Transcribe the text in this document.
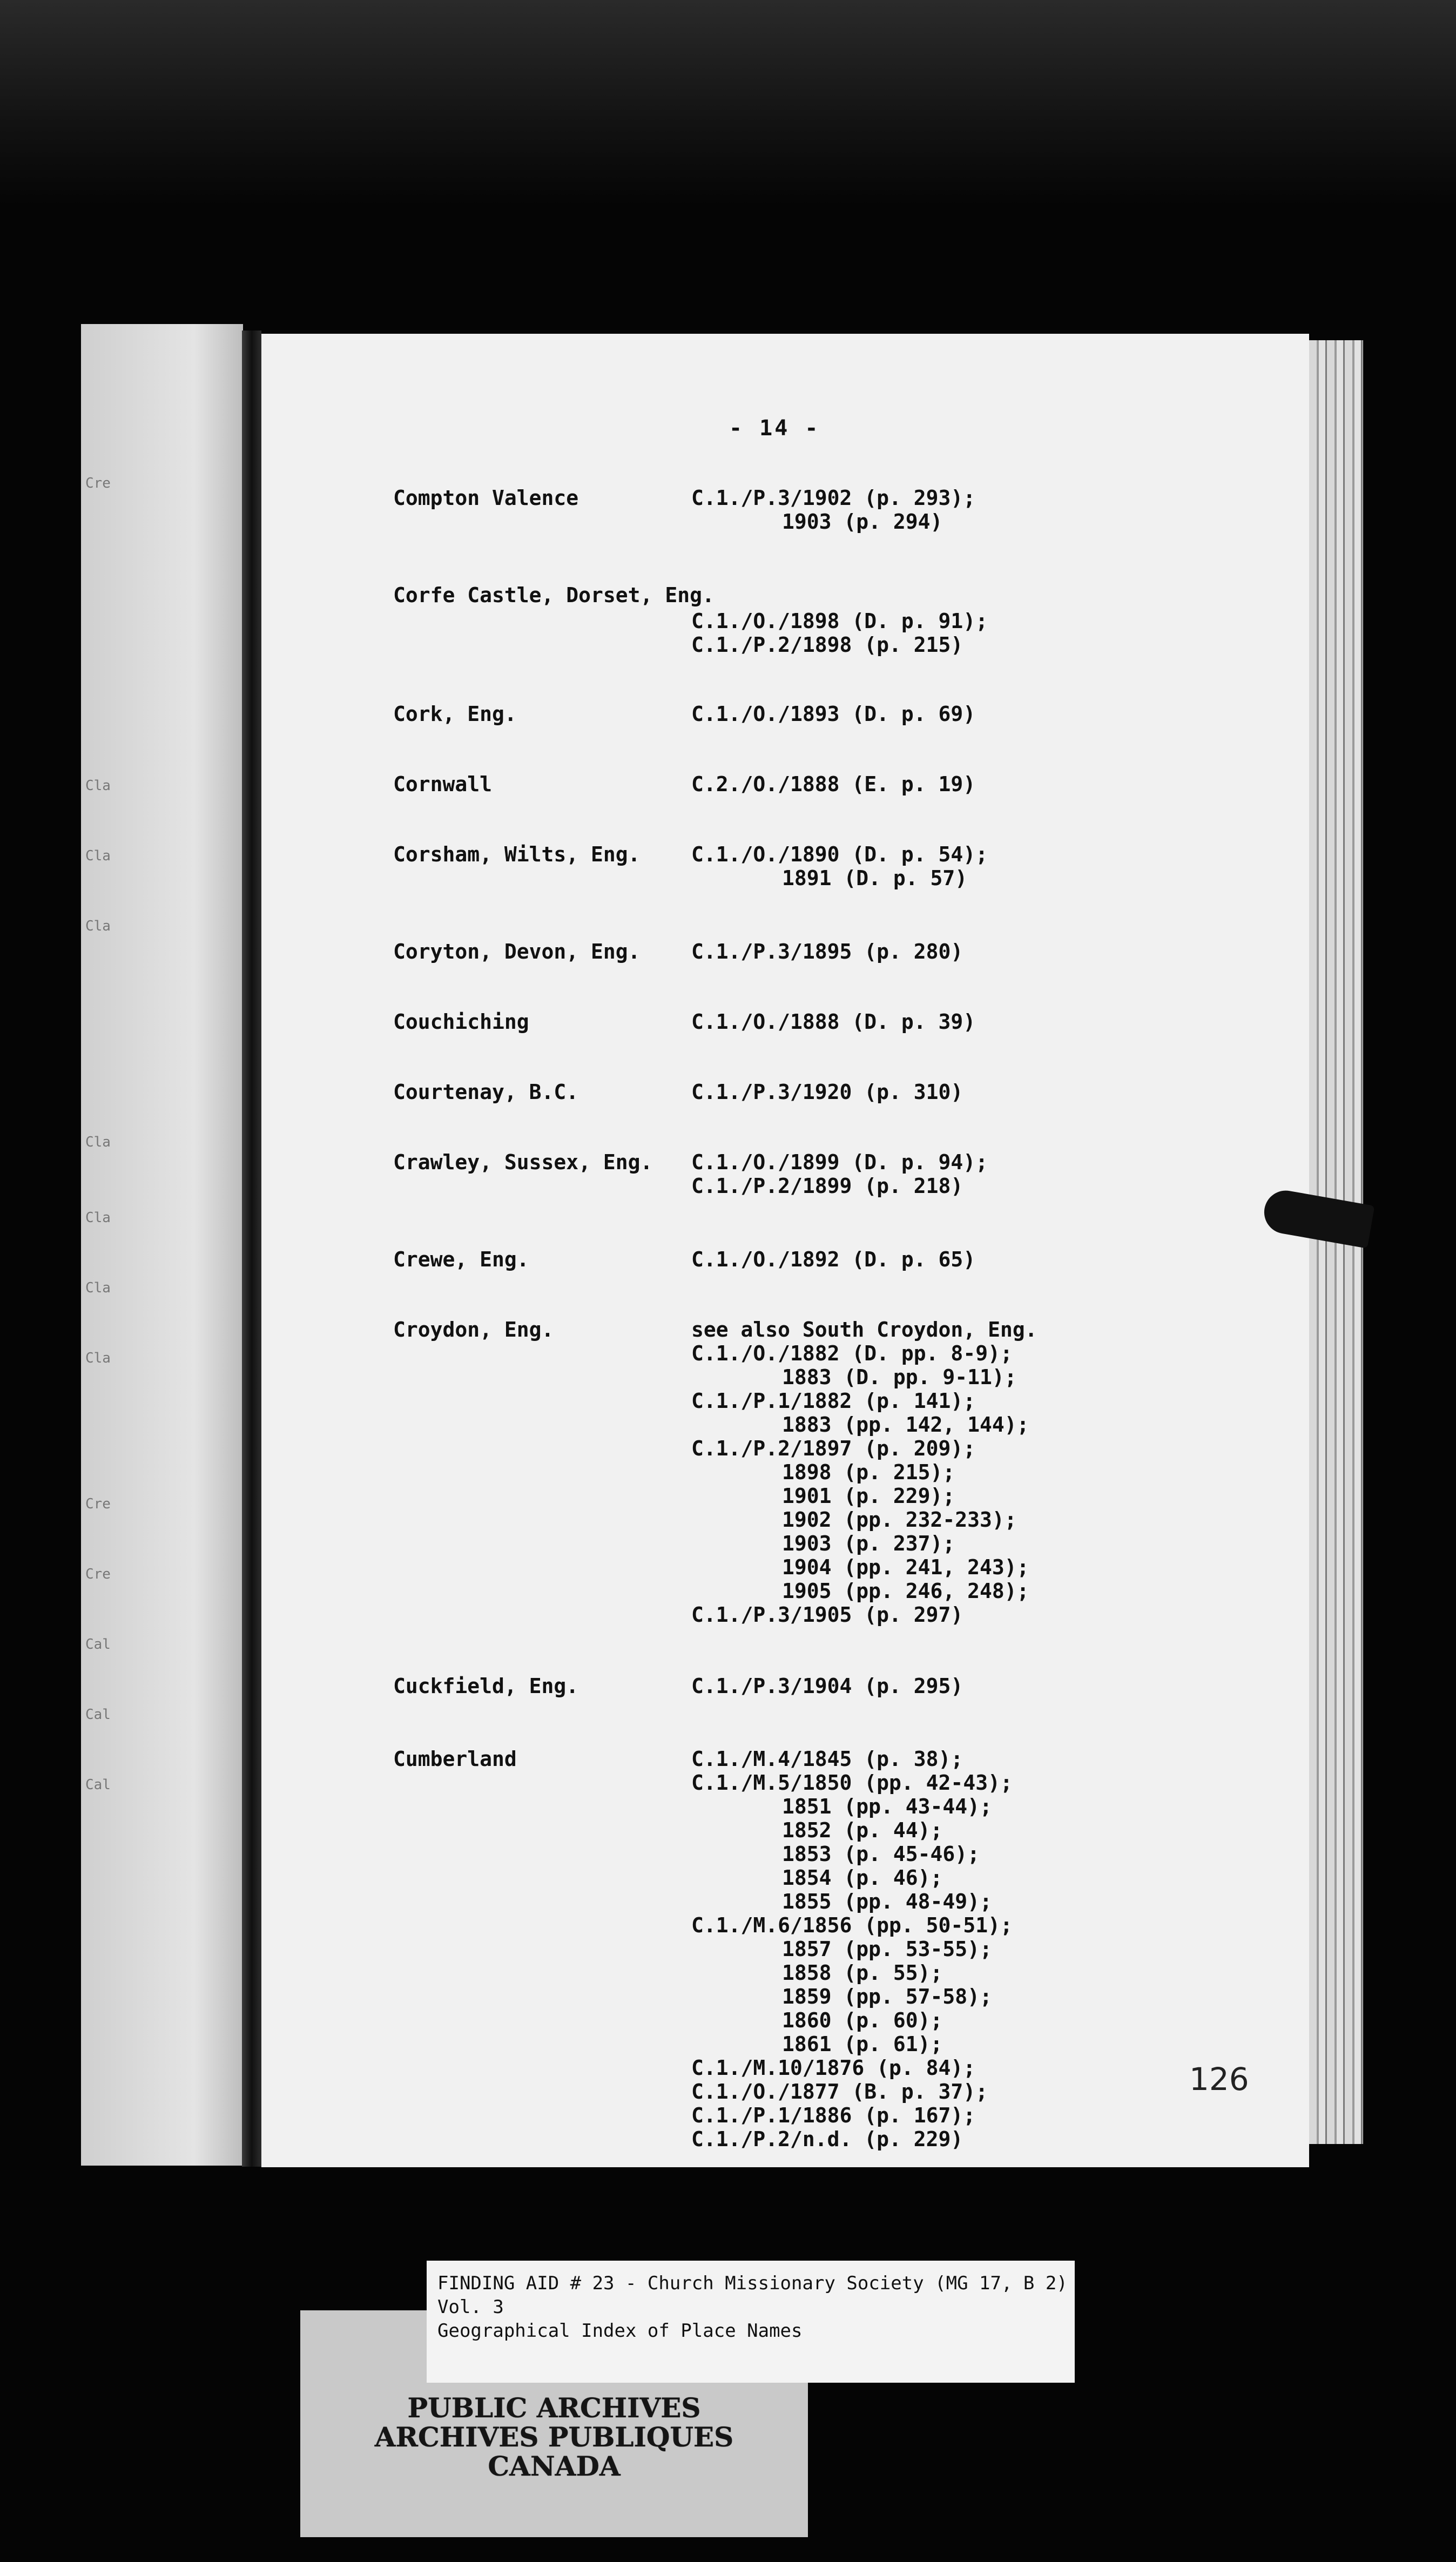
Cre
Cla
Cla
Cla
Cla
Cla
Cla
Cla
Cre
Cre
Cal
Cal
Cal
- 14 -
Compton Valence	C.1./P.3/1902 (p. 293);
1903 (p. 294)
Corfe Castle, Dorset, Eng.
C.1./O./1898 (D. p. 91);
C.1./P.2/1898 (p. 215)
Cork, Eng.	C.1./O./1893 (D. p. 69)
Cornwall	C.2./O./1888 (E. p. 19)
Corsham, Wilts, Eng. C.1./O./1890 (D. p. 54);
1891 (D. p. 57)
Coryton, Devon, Eng. C.1./P.3/1895 (p. 280)
Couchiching	C.1./O./1888 (D. p. 39)
Courtenay, B.C.	C.1./P.3/1920 (p. 310)
Crawley, Sussex, Eng. C.1./O./1899 (D. p. 94);
C.1./P.2/1899 (p. 218)
Crewe, Eng.	C.1./O./1892 (D. p. 65)
Croydon, Eng.	see also South Croydon, Eng.
C.1./O./1882 (D. pp. 8-9);
1883 (D. pp. 9-11);
C.1./P.1/1882 (p. 141);
1883 (pp. 142, 144);
C.1./P.2/1897 (p. 209);
1898 (p. 215);
1901 (p. 229);
1902 (pp. 232-233);
1903 (p. 237);
1904 (pp. 241, 243);
1905 (pp. 246, 248);
C.1./P.3/1905 (p. 297)
Cuckfield, Eng.	C.1./P.3/1904 (p. 295)
Cumberland	C.1./M.4/1845 (p. 38);
C.1./M.5/1850 (pp. 42-43);
1851 (pp. 43-44);
1852 (p. 44);
1853 (p. 45-46);
1854 (p. 46);
1855 (pp. 48-49);
C.1./M.6/1856 (pp. 50-51);
1857 (pp. 53-55);
1858 (p. 55);
1859 (pp. 57-58);
1860 (p. 60);
1861 (p. 61);
C.1./M.10/1876 (p. 84);
C.1./O./1877 (B. p. 37);
C.1./P.1/1886 (p. 167);
C.1./P.2/n.d. (p. 229)
126
FINDING AID # 23 - Church Missionary Society (MG 17, B 2)
Vol. 3
Geographical Index of Place Names
PUBLIC ARCHIVES
ARCHIVES PUBLIQUES
CANADA
